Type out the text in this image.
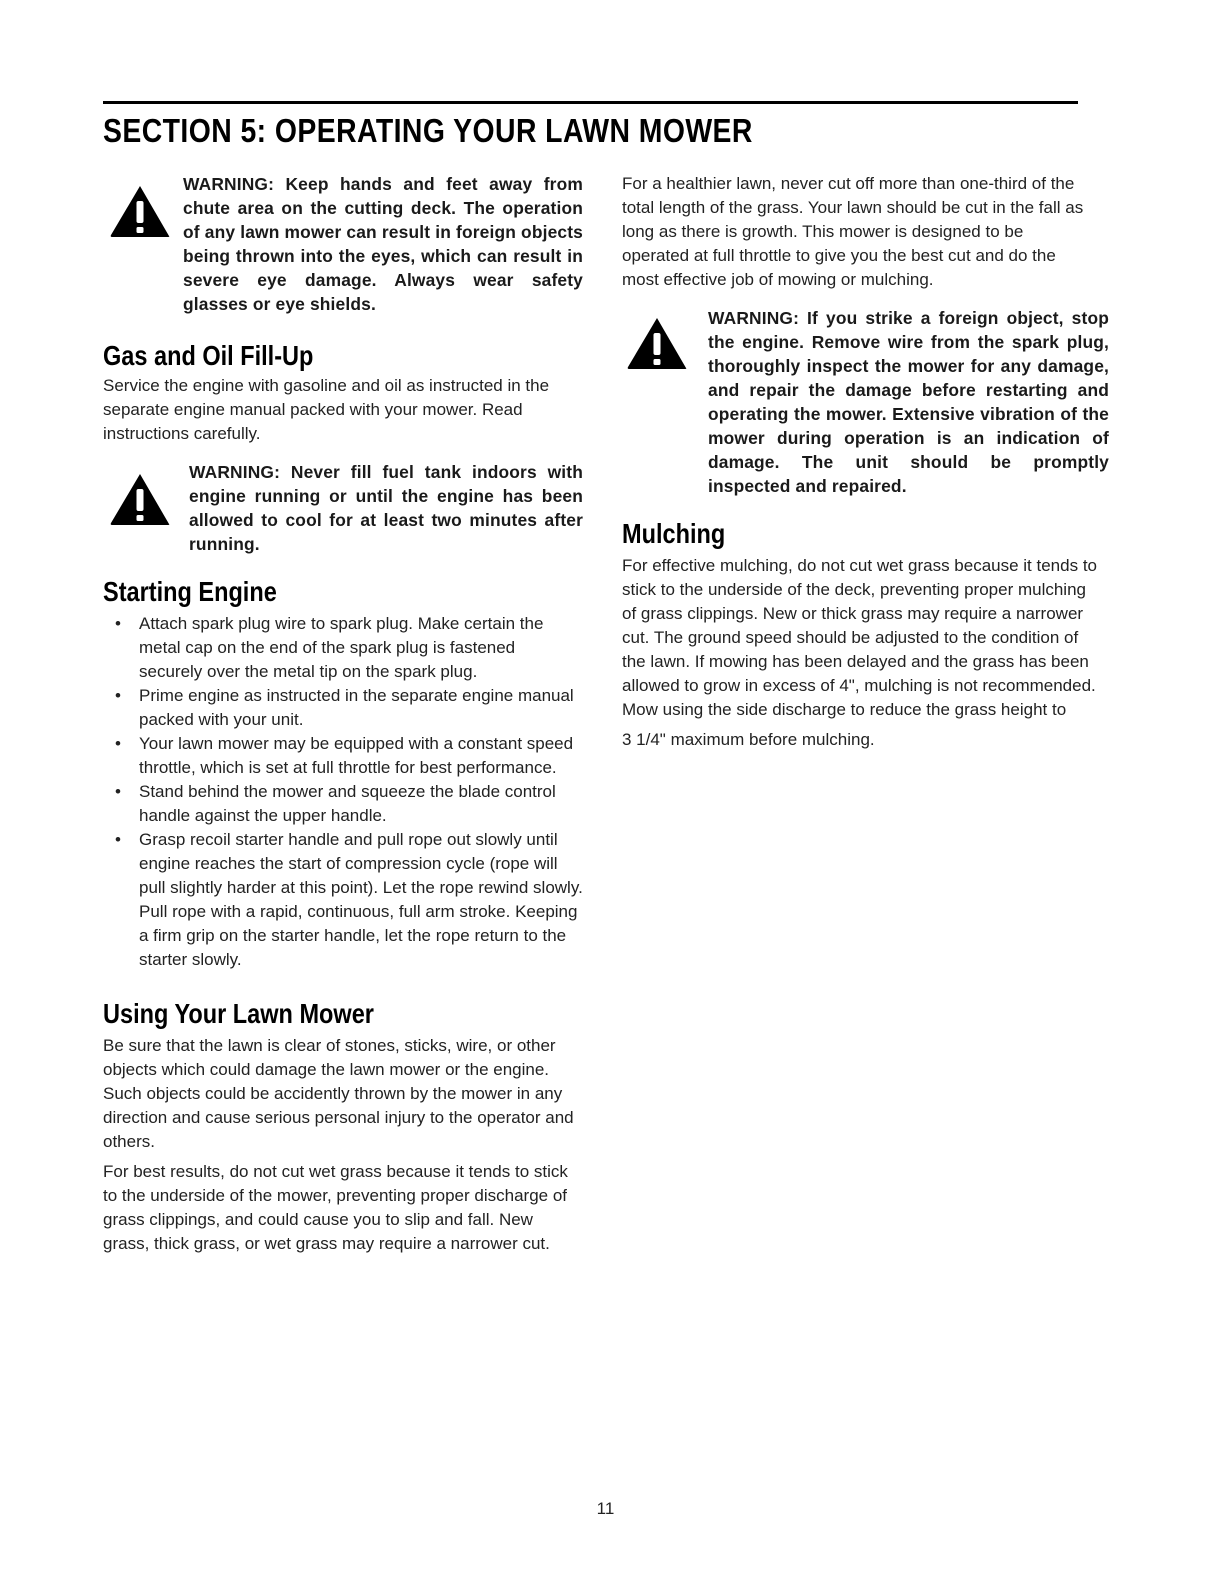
SECTION 5: OPERATING YOUR LAWN MOWER

WARNING: Keep hands and feet away from chute area on the cutting deck. The operation of any lawn mower can result in foreign objects being thrown into the eyes, which can result in severe eye damage. Always wear safety glasses or eye shields.

Gas and Oil Fill-Up

Service the engine with gasoline and oil as instructed in the separate engine manual packed with your mower. Read instructions carefully.

WARNING: Never fill fuel tank indoors with engine running or until the engine has been allowed to cool for at least two minutes after running.

Starting Engine
• Attach spark plug wire to spark plug. Make certain the metal cap on the end of the spark plug is fastened securely over the metal tip on the spark plug.
• Prime engine as instructed in the separate engine manual packed with your unit.
• Your lawn mower may be equipped with a constant speed throttle, which is set at full throttle for best performance.
• Stand behind the mower and squeeze the blade control handle against the upper handle.
• Grasp recoil starter handle and pull rope out slowly until engine reaches the start of compression cycle (rope will pull slightly harder at this point). Let the rope rewind slowly. Pull rope with a rapid, continuous, full arm stroke. Keeping a firm grip on the starter handle, let the rope return to the starter slowly.
Using Your Lawn Mower

Be sure that the lawn is clear of stones, sticks, wire, or other objects which could damage the lawn mower or the engine. Such objects could be accidently thrown by the mower in any direction and cause serious personal injury to the operator and others.

For best results, do not cut wet grass because it tends to stick to the underside of the mower, preventing proper discharge of grass clippings, and could cause you to slip and fall. New grass, thick grass, or wet grass may require a narrower cut.

For a healthier lawn, never cut off more than one-third of the total length of the grass. Your lawn should be cut in the fall as long as there is growth. This mower is designed to be operated at full throttle to give you the best cut and do the most effective job of mowing or mulching.

WARNING: If you strike a foreign object, stop the engine. Remove wire from the spark plug, thoroughly inspect the mower for any damage, and repair the damage before restarting and operating the mower. Extensive vibration of the mower during operation is an indication of damage. The unit should be promptly inspected and repaired.

Mulching

For effective mulching, do not cut wet grass because it tends to stick to the underside of the deck, preventing proper mulching of grass clippings. New or thick grass may require a narrower cut. The ground speed should be adjusted to the condition of the lawn. If mowing has been delayed and the grass has been allowed to grow in excess of 4", mulching is not recommended. Mow using the side discharge to reduce the grass height to

3 1/4" maximum before mulching.

11
